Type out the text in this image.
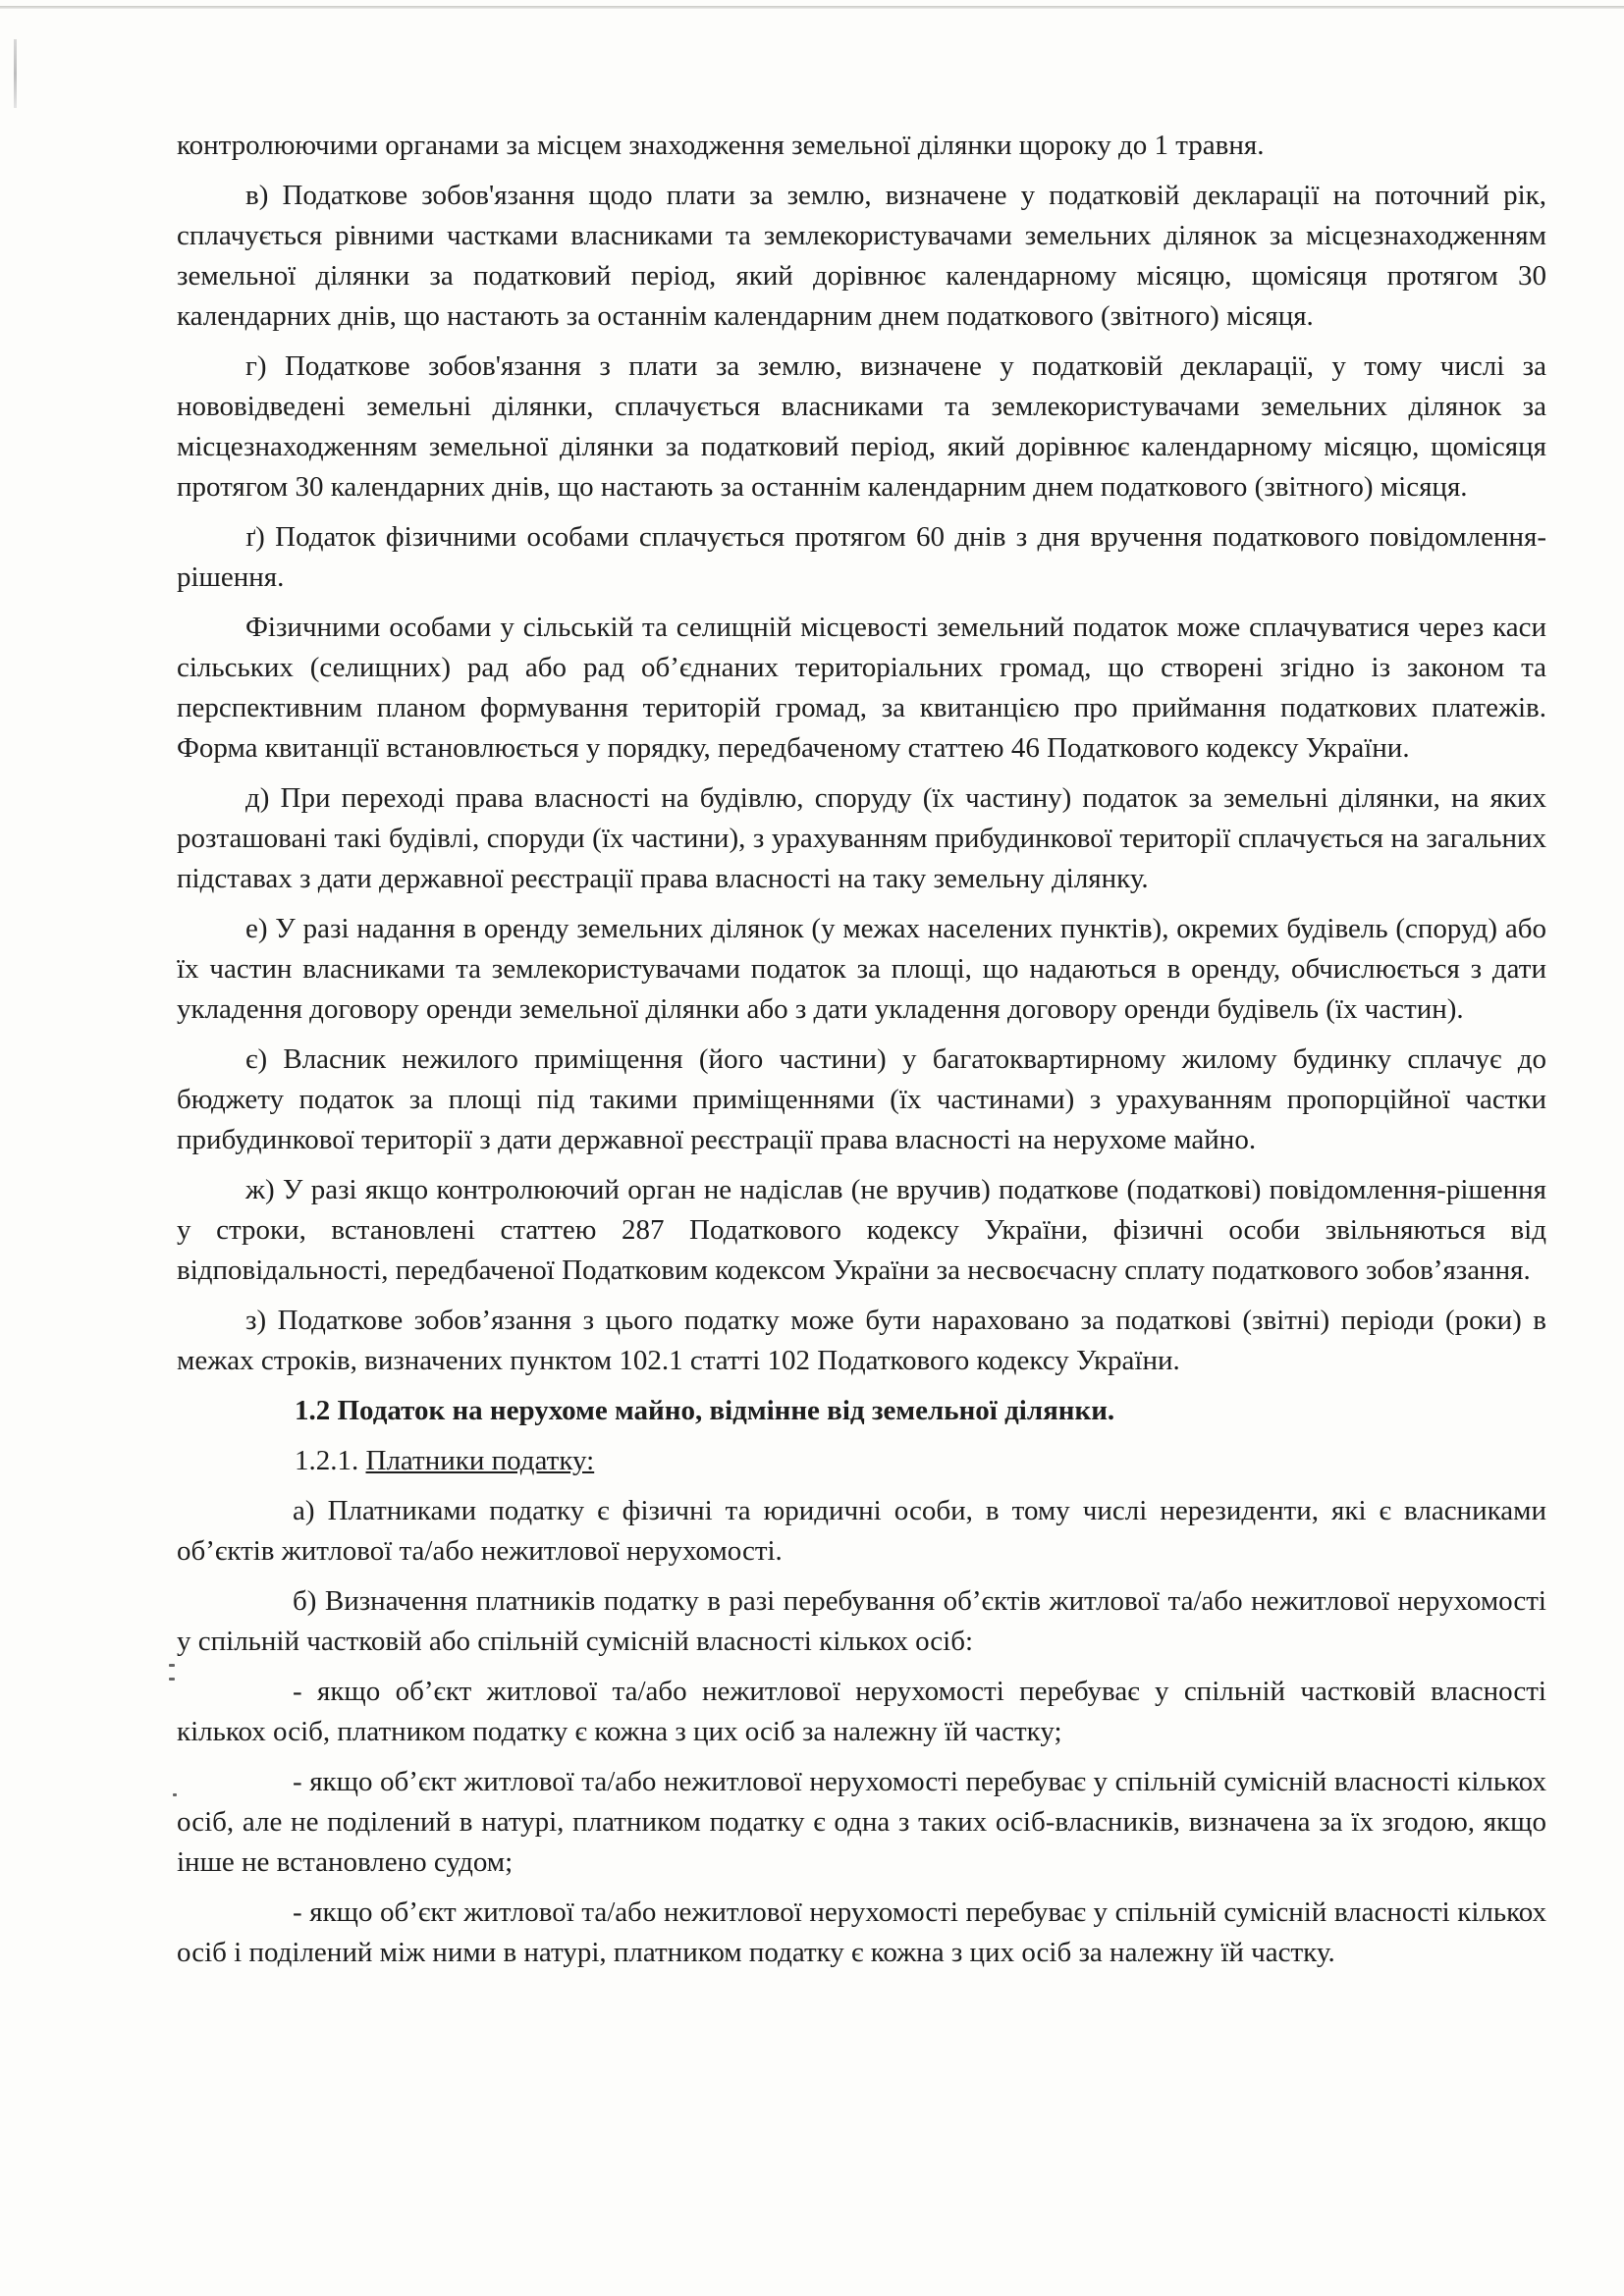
контролюючими органами за місцем знаходження земельної ділянки щороку до 1 травня.

в) Податкове зобов'язання щодо плати за землю, визначене у податковій декларації на поточний рік, сплачується рівними частками власниками та землекористувачами земельних ділянок за місцезнаходженням земельної ділянки за податковий період, який дорівнює календарному місяцю, щомісяця протягом 30 календарних днів, що настають за останнім календарним днем податкового (звітного) місяця.

г) Податкове зобов'язання з плати за землю, визначене у податковій декларації, у тому числі за нововідведені земельні ділянки, сплачується власниками та землекористувачами земельних ділянок за місцезнаходженням земельної ділянки за податковий період, який дорівнює календарному місяцю, щомісяця протягом 30 календарних днів, що настають за останнім календарним днем податкового (звітного) місяця.

ґ) Податок фізичними особами сплачується протягом 60 днів з дня вручення податкового повідомлення-рішення.

Фізичними особами у сільській та селищній місцевості земельний податок може сплачуватися через каси сільських (селищних) рад або рад об’єднаних територіальних громад, що створені згідно із законом та перспективним планом формування територій громад, за квитанцією про приймання податкових платежів. Форма квитанції встановлюється у порядку, передбаченому статтею 46 Податкового кодексу України.

д) При переході права власності на будівлю, споруду (їх частину) податок за земельні ділянки, на яких розташовані такі будівлі, споруди (їх частини), з урахуванням прибудинкової території сплачується на загальних підставах з дати державної реєстрації права власності на таку земельну ділянку.

е) У разі надання в оренду земельних ділянок (у межах населених пунктів), окремих будівель (споруд) або їх частин власниками та землекористувачами податок за площі, що надаються в оренду, обчислюється з дати укладення договору оренди земельної ділянки або з дати укладення договору оренди будівель (їх частин).

є) Власник нежилого приміщення (його частини) у багатоквартирному жилому будинку сплачує до бюджету податок за площі під такими приміщеннями (їх частинами) з урахуванням пропорційної частки прибудинкової території з дати державної реєстрації права власності на нерухоме майно.

ж) У разі якщо контролюючий орган не надіслав (не вручив) податкове (податкові) повідомлення-рішення у строки, встановлені статтею 287 Податкового кодексу України, фізичні особи звільняються від відповідальності, передбаченої Податковим кодексом України за несвоєчасну сплату податкового зобов’язання.

з) Податкове зобов’язання з цього податку може бути нараховано за податкові (звітні) періоди (роки) в межах строків, визначених пунктом 102.1 статті 102 Податкового кодексу України.

1.2 Податок на нерухоме майно, відмінне від земельної ділянки.

1.2.1. Платники податку:

а) Платниками податку є фізичні та юридичні особи, в тому числі нерезиденти, які є власниками об’єктів житлової та/або нежитлової нерухомості.

б) Визначення платників податку в разі перебування об’єктів житлової та/або нежитлової нерухомості у спільній частковій або спільній сумісній власності кількох осіб:

- якщо об’єкт житлової та/або нежитлової нерухомості перебуває у спільній частковій власності кількох осіб, платником податку є кожна з цих осіб за належну їй частку;

- якщо об’єкт житлової та/або нежитлової нерухомості перебуває у спільній сумісній власності кількох осіб, але не поділений в натурі, платником податку є одна з таких осіб-власників, визначена за їх згодою, якщо інше не встановлено судом;

- якщо об’єкт житлової та/або нежитлової нерухомості перебуває у спільній сумісній власності кількох осіб і поділений між ними в натурі, платником податку є кожна з цих осіб за належну їй частку.
